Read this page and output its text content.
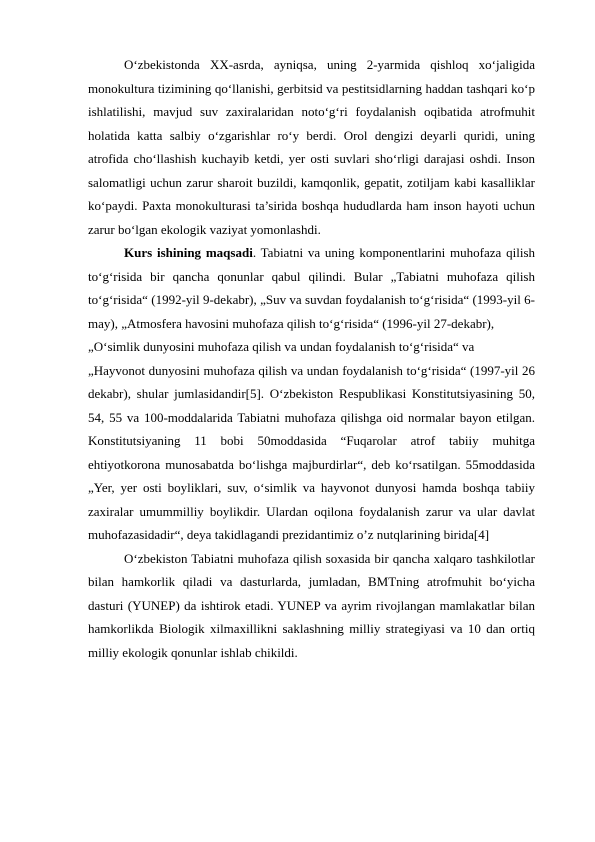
O‘zbekistonda XX-asrda, ayniqsa, uning 2-yarmida qishloq xo‘jaligida monokultura tizimining qo‘llanishi, gerbitsid va pestitsidlarning haddan tashqari ko‘p ishlatilishi, mavjud suv zaxiralaridan noto‘g‘ri foydalanish oqibatida atrofmuhit holatida katta salbiy o‘zgarishlar ro‘y berdi. Orol dengizi deyarli quridi, uning atrofida cho‘llashish kuchayib ketdi, yer osti suvlari sho‘rligi darajasi oshdi. Inson salomatligi uchun zarur sharoit buzildi, kamqonlik, gepatit, zotiljam kabi kasalliklar ko‘paydi. Paxta monokulturasi ta’sirida boshqa hududlarda ham inson hayoti uchun zarur bo‘lgan ekologik vaziyat yomonlashdi.

Kurs ishining maqsadi. Tabiatni va uning komponentlarini muhofaza qilish to‘g‘risida bir qancha qonunlar qabul qilindi. Bular „Tabiatni muhofaza qilish to‘g‘risida“ (1992-yil 9-dekabr), „Suv va suvdan foydalanish to‘g‘risida“ (1993-yil 6-may), „Atmosfera havosini muhofaza qilish to‘g‘risida“ (1996-yil 27-dekabr),

„O‘simlik dunyosini muhofaza qilish va undan foydalanish to‘g‘risida“ va

„Hayvonot dunyosini muhofaza qilish va undan foydalanish to‘g‘risida“ (1997-yil 26 dekabr), shular jumlasidandir[5]. O‘zbekiston Respublikasi Konstitutsiyasining 50, 54, 55 va 100-moddalarida Tabiatni muhofaza qilishga oid normalar bayon etilgan. Konstitutsiyaning 11 bobi 50moddasida “Fuqarolar atrof tabiiy muhitga ehtiyotkorona munosabatda bo‘lishga majburdirlar“, deb ko‘rsatilgan. 55moddasida „Yer, yer osti boyliklari, suv, o‘simlik va hayvonot dunyosi hamda boshqa tabiiy zaxiralar umummilliy boylikdir. Ulardan oqilona foydalanish zarur va ular davlat muhofazasidadir“, deya takidlagandi prezidantimiz o’z nutqlarining birida[4]

O‘zbekiston Tabiatni muhofaza qilish soxasida bir qancha xalqaro tashkilotlar bilan hamkorlik qiladi va dasturlarda, jumladan, BMTning atrofmuhit bo‘yicha dasturi (YUNEP) da ishtirok etadi. YUNEP va ayrim rivojlangan mamlakatlar bilan hamkorlikda Biologik xilmaxillikni saklashning milliy strategiyasi va 10 dan ortiq milliy ekologik qonunlar ishlab chikildi.
